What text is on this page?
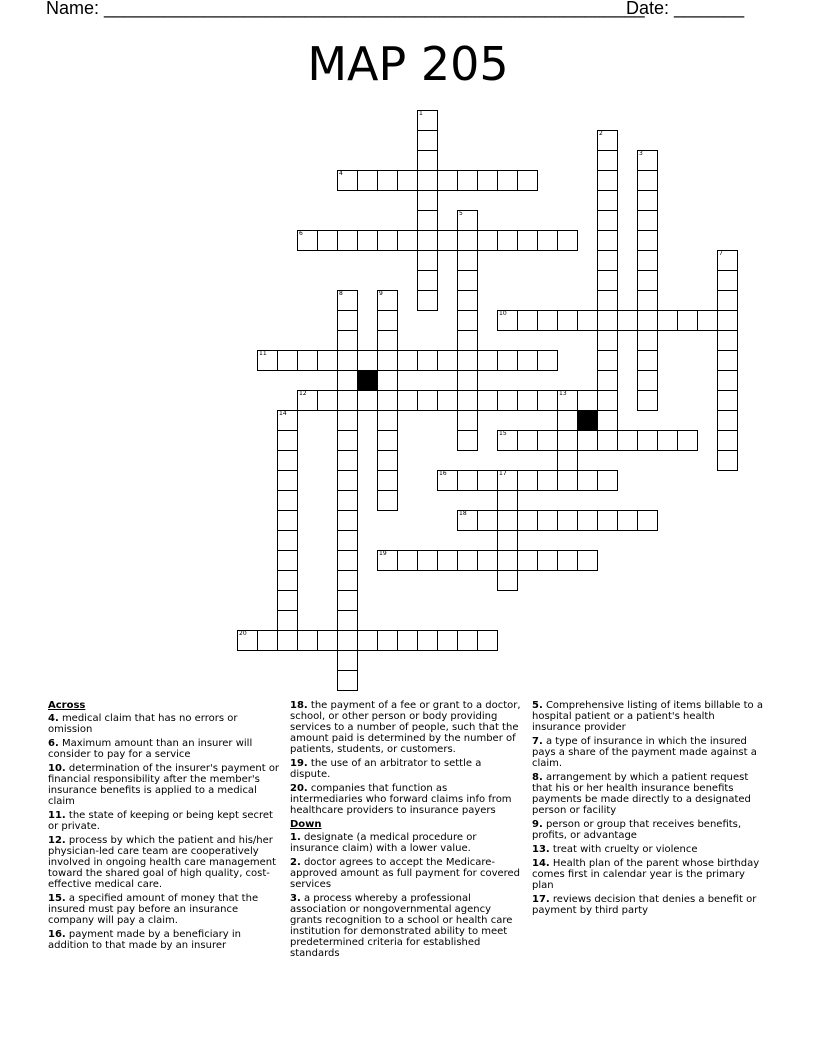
Name: ______________________________________________________
Date: _______
MAP 205
1
2
3
4
5
6
7
8	9
10
11
12	13
14
15
16	17
18
19
20
Across
4. medical claim that has no errors or omission
6. Maximum amount than an insurer will consider to pay for a service
10. determination of the insurer's payment or financial responsibility after the member's insurance benefits is applied to a medical claim
11. the state of keeping or being kept secret or private.
12. process by which the patient and his/her physician-led care team are cooperatively involved in ongoing health care management toward the shared goal of high quality, cost-effective medical care.
15. a specified amount of money that the insured must pay before an insurance company will pay a claim.
16. payment made by a beneficiary in addition to that made by an insurer
18. the payment of a fee or grant to a doctor, school, or other person or body providing services to a number of people, such that the amount paid is determined by the number of patients, students, or customers.
19. the use of an arbitrator to settle a dispute.
20. companies that function as intermediaries who forward claims info from healthcare providers to insurance payers
Down
1. designate (a medical procedure or insurance claim) with a lower value.
2. doctor agrees to accept the Medicare-approved amount as full payment for covered services
3. a process whereby a professional association or nongovernmental agency grants recognition to a school or health care institution for demonstrated ability to meet predetermined criteria for established standards
5. Comprehensive listing of items billable to a hospital patient or a patient's health insurance provider
7. a type of insurance in which the insured pays a share of the payment made against a claim.
8. arrangement by which a patient request that his or her health insurance benefits payments be made directly to a designated person or facility
9. person or group that receives benefits, profits, or advantage
13. treat with cruelty or violence
14. Health plan of the parent whose birthday comes first in calendar year is the primary plan
17. reviews decision that denies a benefit or payment by third party
